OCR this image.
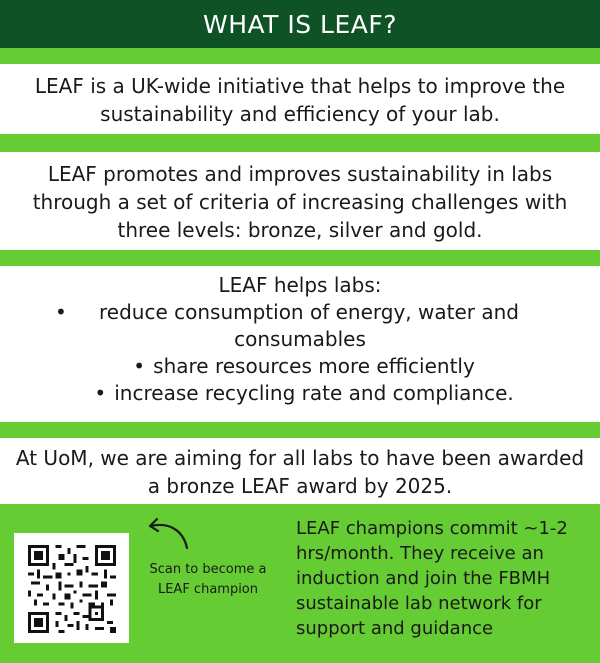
WHAT IS LEAF?
LEAF is a UK-wide initiative that helps to improve the
sustainability and efficiency of your lab.
LEAF promotes and improves sustainability in labs
through a set of criteria of increasing challenges with
three levels: bronze, silver and gold.
LEAF helps labs:
• reduce consumption of energy, water and
consumables
• share resources more efficiently
• increase recycling rate and compliance.
At UoM, we are aiming for all labs to have been awarded
a bronze LEAF award by 2025.
Scan to become a
LEAF champion
LEAF champions commit ~1-2
hrs/month. They receive an
induction and join the FBMH
sustainable lab network for
support and guidance
